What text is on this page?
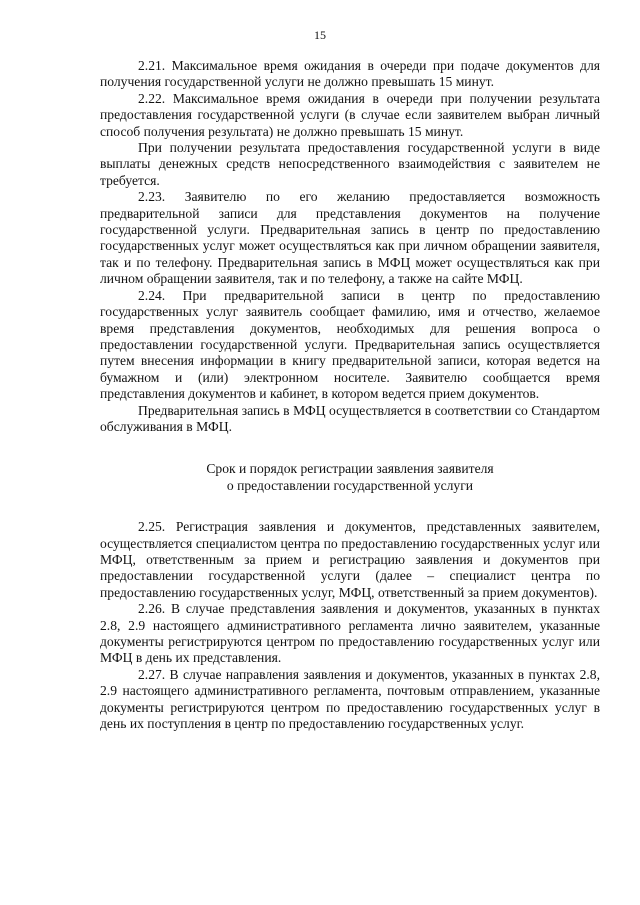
15

2.21. Максимальное время ожидания в очереди при подаче документов для получения государственной услуги не должно превышать 15 минут.

2.22. Максимальное время ожидания в очереди при получении результата предоставления государственной услуги (в случае если заявителем выбран личный способ получения результата) не должно превышать 15 минут.

При получении результата предоставления государственной услуги в виде выплаты денежных средств непосредственного взаимодействия с заявителем не требуется.

2.23. Заявителю по его желанию предоставляется возможность предварительной записи для представления документов на получение государственной услуги. Предварительная запись в центр по предоставлению государственных услуг может осуществляться как при личном обращении заявителя, так и по телефону. Предварительная запись в МФЦ может осуществляться как при личном обращении заявителя, так и по телефону, а также на сайте МФЦ.

2.24. При предварительной записи в центр по предоставлению государственных услуг заявитель сообщает фамилию, имя и отчество, желаемое время представления документов, необходимых для решения вопроса о предоставлении государственной услуги. Предварительная запись осуществляется путем внесения информации в книгу предварительной записи, которая ведется на бумажном и (или) электронном носителе. Заявителю сообщается время представления документов и кабинет, в котором ведется прием документов.

Предварительная запись в МФЦ осуществляется в соответствии со Стандартом обслуживания в МФЦ.

Срок и порядок регистрации заявления заявителя
о предоставлении государственной услуги

2.25. Регистрация заявления и документов, представленных заявителем, осуществляется специалистом центра по предоставлению государственных услуг или МФЦ, ответственным за прием и регистрацию заявления и документов при предоставлении государственной услуги (далее – специалист центра по предоставлению государственных услуг, МФЦ, ответственный за прием документов).

2.26. В случае представления заявления и документов, указанных в пунктах 2.8, 2.9 настоящего административного регламента лично заявителем, указанные документы регистрируются центром по предоставлению государственных услуг или МФЦ в день их представления.

2.27. В случае направления заявления и документов, указанных в пунктах 2.8, 2.9 настоящего административного регламента, почтовым отправлением, указанные документы регистрируются центром по предоставлению государственных услуг в день их поступления в центр по предоставлению государственных услуг.
